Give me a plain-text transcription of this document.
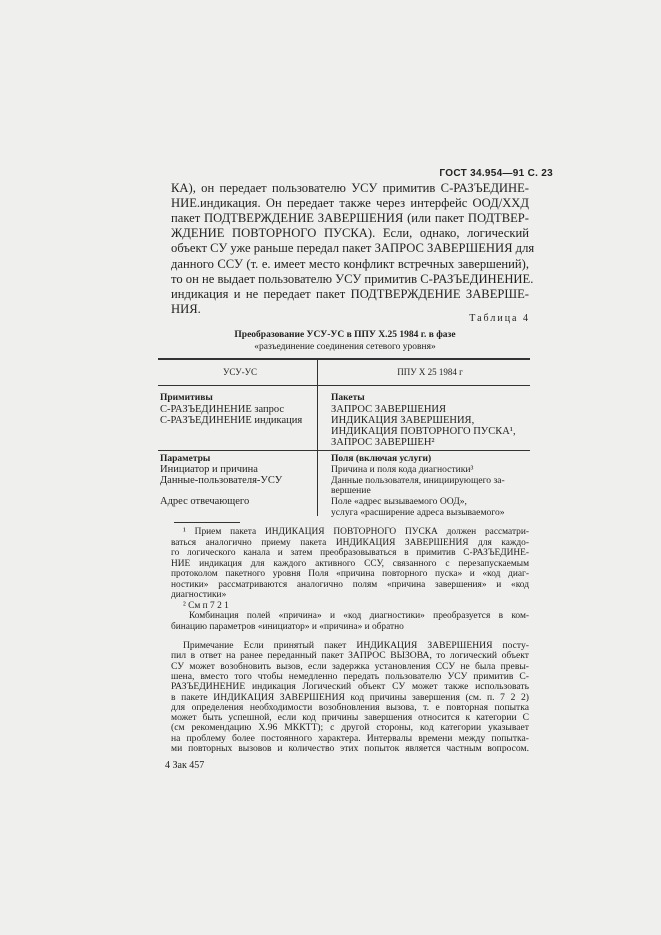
ГОСТ 34.954—91 С. 23
КА), он передает пользователю УСУ примитив С-РАЗЪЕДИНЕ-
НИЕ.индикация. Он передает также через интерфейс ООД/ХХД
пакет ПОДТВЕРЖДЕНИЕ ЗАВЕРШЕНИЯ (или пакет ПОДТВЕР-
ЖДЕНИЕ ПОВТОРНОГО ПУСКА). Если, однако, логический
объект СУ уже раньше передал пакет ЗАПРОС ЗАВЕРШЕНИЯ для
данного ССУ (т. е. имеет место конфликт встречных завершений),
то он не выдает пользователю УСУ примитив С-РАЗЪЕДИНЕНИЕ.
индикация и не передает пакет ПОДТВЕРЖДЕНИЕ ЗАВЕРШЕ-
НИЯ.
Таблица 4
Преобразование УСУ-УС в ППУ X.25 1984 г. в фазе
«разъединение соединения сетевого уровня»
УСУ-УС	ППУ Х 25 1984 г
Примитивы
С-РАЗЪЕДИНЕНИЕ запрос
С-РАЗЪЕДИНЕНИЕ индикация
Пакеты
ЗАПРОС ЗАВЕРШЕНИЯ
ИНДИКАЦИЯ ЗАВЕРШЕНИЯ,
ИНДИКАЦИЯ ПОВТОРНОГО ПУСКА¹,
ЗАПРОС ЗАВЕРШЕН²
Параметры
Инициатор и причина
Данные-пользователя-УСУ

Адрес отвечающего
Поля (включая услуги)
Причина и поля кода диагностики³
Данные пользователя, инициирующего за-
вершение
Поле «адрес вызываемого ООД»,
услуга «расширение адреса вызываемого»
¹ Прием пакета ИНДИКАЦИЯ ПОВТОРНОГО ПУСКА должен рассматри-
ваться аналогично приему пакета ИНДИКАЦИЯ ЗАВЕРШЕНИЯ для каждо-
го логического канала и затем преобразовываться в примитив С-РАЗЪЕДИНЕ-
НИЕ индикация для каждого активного ССУ, связанного с перезапускаемым
протоколом пакетного уровня Поля «причина повторного пуска» и «код диаг-
ностики» рассматриваются аналогично полям «причина завершения» и «код
диагностики»
² См п 7 2 1
Комбинация полей «причина» и «код диагностики» преобразуется в ком-
бинацию параметров «инициатор» и «причина» и обратно
Примечание Если принятый пакет ИНДИКАЦИЯ ЗАВЕРШЕНИЯ посту-
пил в ответ на ранее переданный пакет ЗАПРОС ВЫЗОВА, то логический объект
СУ может возобновить вызов, если задержка установления ССУ не была превы-
шена, вместо того чтобы немедленно передать пользователю УСУ примитив С-
РАЗЪЕДИНЕНИЕ индикация Логический объект СУ может также использовать
в пакете ИНДИКАЦИЯ ЗАВЕРШЕНИЯ код причины завершения (см. п. 7 2 2)
для определения необходимости возобновления вызова, т. е повторная попытка
может быть успешной, если код причины завершения относится к категории С
(см рекомендацию X.96 МККТТ); с другой стороны, код категории указывает
на проблему более постоянного характера. Интервалы времени между попытка-
ми повторных вызовов и количество этих попыток является частным вопросом.
4 Зак 457
